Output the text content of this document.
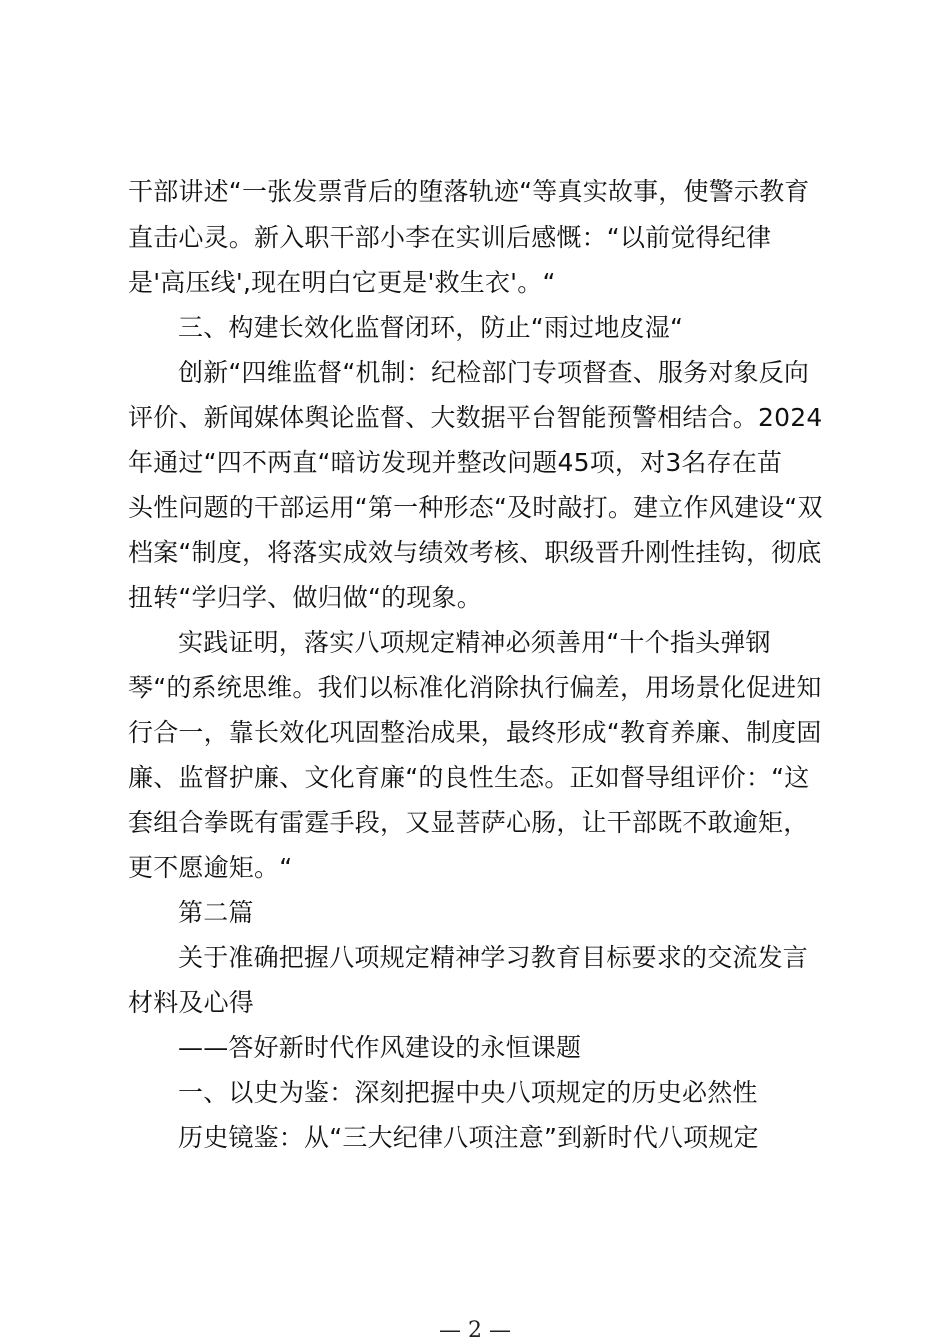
干部讲述“一张发票背后的堕落轨迹“等真实故事，使警示教育
直击心灵。新入职干部小李在实训后感慨：“以前觉得纪律
是'高压线',现在明白它更是'救生衣'。“
三、构建长效化监督闭环，防止“雨过地皮湿“
创新“四维监督“机制：纪检部门专项督查、服务对象反向
评价、新闻媒体舆论监督、大数据平台智能预警相结合。2024
年通过“四不两直“暗访发现并整改问题45项，对3名存在苗
头性问题的干部运用“第一种形态“及时敲打。建立作风建设“双
档案“制度，将落实成效与绩效考核、职级晋升刚性挂钩，彻底
扭转“学归学、做归做“的现象。
实践证明，落实八项规定精神必须善用“十个指头弹钢
琴“的系统思维。我们以标准化消除执行偏差，用场景化促进知
行合一，靠长效化巩固整治成果，最终形成“教育养廉、制度固
廉、监督护廉、文化育廉“的良性生态。正如督导组评价：“这
套组合拳既有雷霆手段，又显菩萨心肠，让干部既不敢逾矩，
更不愿逾矩。“
第二篇
关于准确把握八项规定精神学习教育目标要求的交流发言
材料及心得
——答好新时代作风建设的永恒课题
一、以史为鉴：深刻把握中央八项规定的历史必然性
历史镜鉴：从“三大纪律八项注意”到新时代八项规定
— 2 —
